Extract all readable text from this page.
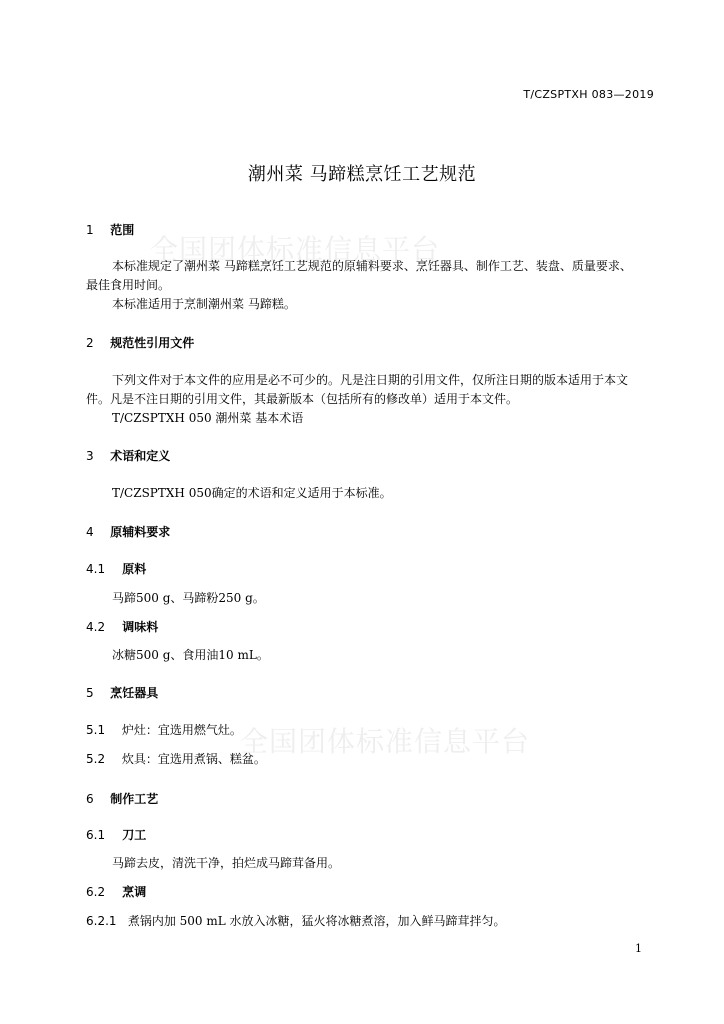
全国团体标准信息平台
全国团体标准信息平台
T/CZSPTXH 083—2019
潮州菜 马蹄糕烹饪工艺规范
1 范围
本标准规定了潮州菜 马蹄糕烹饪工艺规范的原辅料要求、烹饪器具、制作工艺、装盘、质量要求、
最佳食用时间。
本标准适用于烹制潮州菜 马蹄糕。
2 规范性引用文件
下列文件对于本文件的应用是必不可少的。凡是注日期的引用文件，仅所注日期的版本适用于本文
件。凡是不注日期的引用文件，其最新版本（包括所有的修改单）适用于本文件。
T/CZSPTXH 050 潮州菜 基本术语
3 术语和定义
T/CZSPTXH 050确定的术语和定义适用于本标准。
4 原辅料要求
4.1 原料
马蹄500 g、马蹄粉250 g。
4.2 调味料
冰糖500 g、食用油10 mL。
5 烹饪器具
5.1 炉灶：宜选用燃气灶。
5.2 炊具：宜选用煮锅、糕盆。
6 制作工艺
6.1 刀工
马蹄去皮，清洗干净，拍烂成马蹄茸备用。
6.2 烹调
6.2.1 煮锅内加 500 mL 水放入冰糖，猛火将冰糖煮溶，加入鲜马蹄茸拌匀。
1
